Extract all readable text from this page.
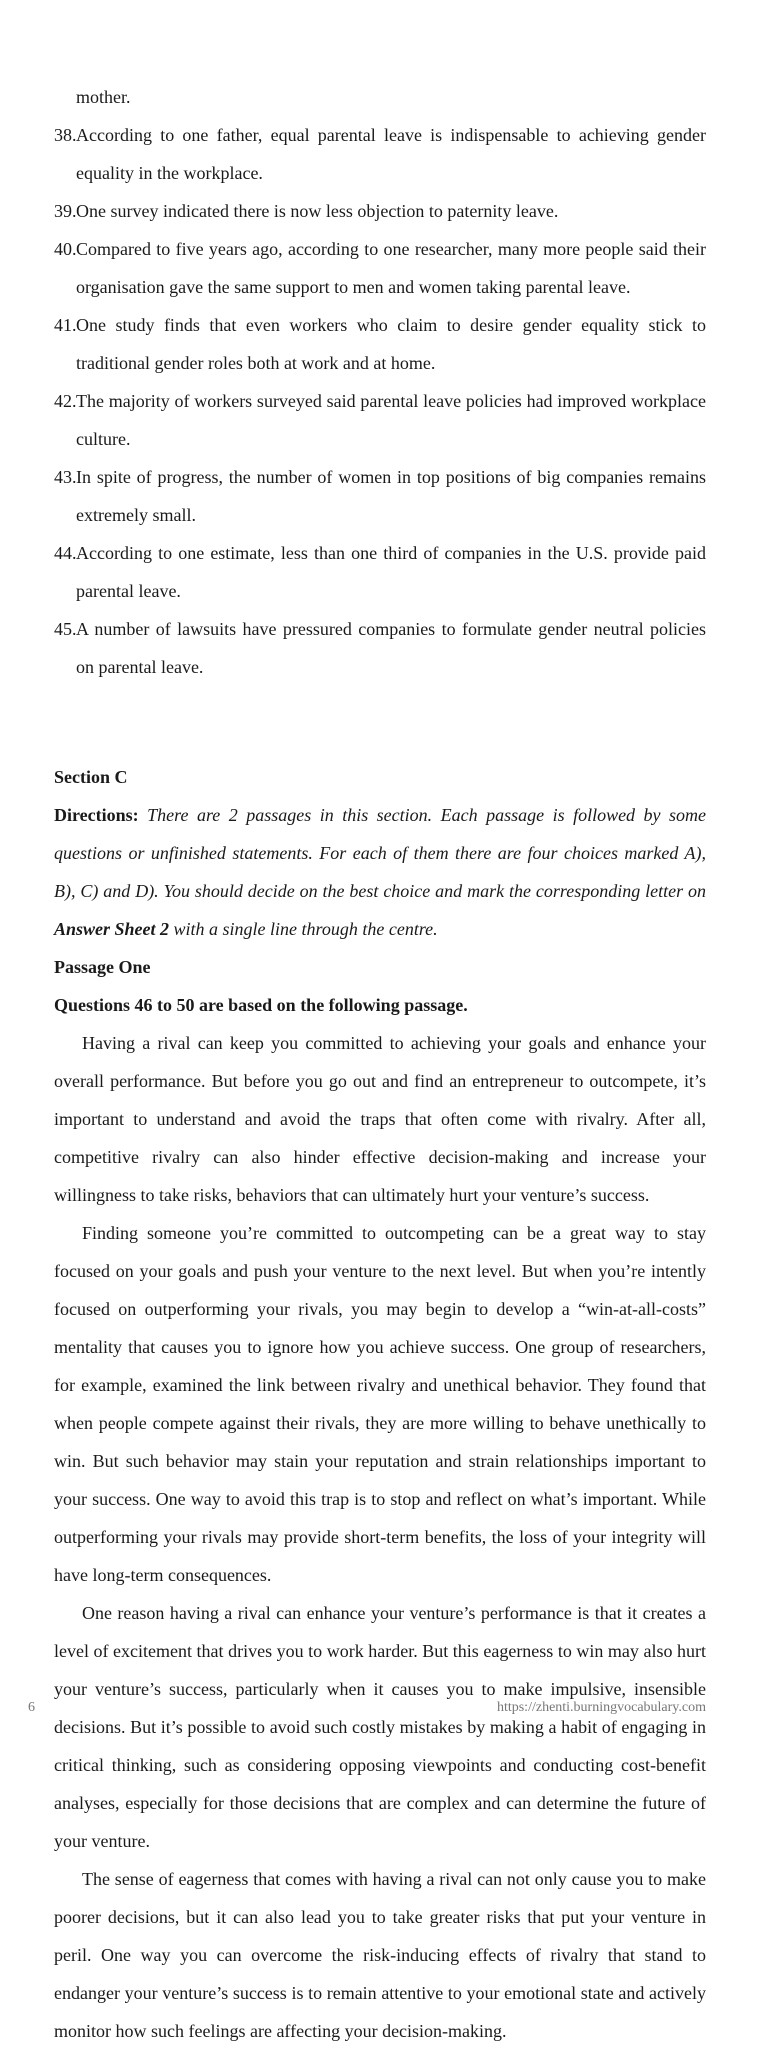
mother.
38. According to one father, equal parental leave is indispensable to achieving gender equality in the workplace.
39. One survey indicated there is now less objection to paternity leave.
40. Compared to five years ago, according to one researcher, many more people said their organisation gave the same support to men and women taking parental leave.
41. One study finds that even workers who claim to desire gender equality stick to traditional gender roles both at work and at home.
42. The majority of workers surveyed said parental leave policies had improved workplace culture.
43. In spite of progress, the number of women in top positions of big companies remains extremely small.
44. According to one estimate, less than one third of companies in the U.S. provide paid parental leave.
45. A number of lawsuits have pressured companies to formulate gender neutral policies on parental leave.
Section C
Directions: There are 2 passages in this section. Each passage is followed by some questions or unfinished statements. For each of them there are four choices marked A), B), C) and D). You should decide on the best choice and mark the corresponding letter on Answer Sheet 2 with a single line through the centre.
Passage One
Questions 46 to 50 are based on the following passage.

Having a rival can keep you committed to achieving your goals and enhance your overall performance. But before you go out and find an entrepreneur to outcompete, it’s important to understand and avoid the traps that often come with rivalry. After all, competitive rivalry can also hinder effective decision-making and increase your willingness to take risks, behaviors that can ultimately hurt your venture’s success.

Finding someone you’re committed to outcompeting can be a great way to stay focused on your goals and push your venture to the next level. But when you’re intently focused on outperforming your rivals, you may begin to develop a “win-at-all-costs” mentality that causes you to ignore how you achieve success. One group of researchers, for example, examined the link between rivalry and unethical behavior. They found that when people compete against their rivals, they are more willing to behave unethically to win. But such behavior may stain your reputation and strain relationships important to your success. One way to avoid this trap is to stop and reflect on what’s important. While outperforming your rivals may provide short-term benefits, the loss of your integrity will have long-term consequences.

One reason having a rival can enhance your venture’s performance is that it creates a level of excitement that drives you to work harder. But this eagerness to win may also hurt your venture’s success, particularly when it causes you to make impulsive, insensible decisions. But it’s possible to avoid such costly mistakes by making a habit of engaging in critical thinking, such as considering opposing viewpoints and conducting cost-benefit analyses, especially for those decisions that are complex and can determine the future of your venture.

The sense of eagerness that comes with having a rival can not only cause you to make poorer decisions, but it can also lead you to take greater risks that put your venture in peril. One way you can overcome the risk-inducing effects of rivalry that stand to endanger your venture’s success is to remain attentive to your emotional state and actively monitor how such feelings are affecting your decision-making.

6	https://zhenti.burningvocabulary.com
